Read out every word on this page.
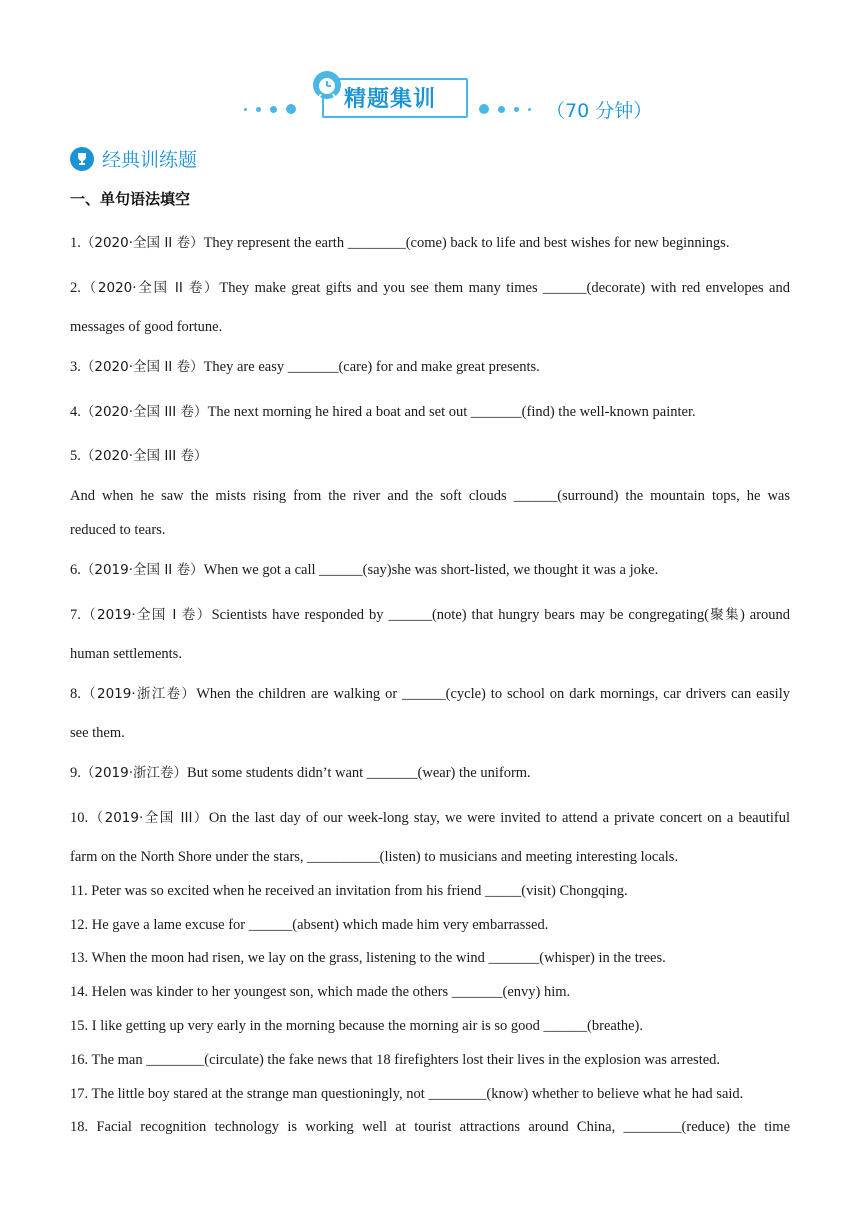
精题集训	（70 分钟）
经典训练题
一、单句语法填空
1.（2020·全国 II 卷）They represent the earth ________(come) back to life and best wishes for new beginnings.
2.（2020·全国 II 卷）They make great gifts and you see them many times ______(decorate) with red envelopes and
messages of good fortune.
3.（2020·全国 II 卷）They are easy _______(care) for and make great presents.
4.（2020·全国 III 卷）The next morning he hired a boat and set out _______(find) the well-known painter.
5.（2020·全国 III 卷）
And when he saw the mists rising from the river and the soft clouds ______(surround) the mountain tops, he was
reduced to tears.
6.（2019·全国 II 卷）When we got a call ______(say)she was short-listed, we thought it was a joke.
7.（2019·全国 I 卷）Scientists have responded by ______(note) that hungry bears may be congregating(聚集) around
human settlements.
8.（2019·浙江卷）When the children are walking or ______(cycle) to school on dark mornings, car drivers can easily
see them.
9.（2019·浙江卷）But some students didn’t want _______(wear) the uniform.
10.（2019·全国 III）On the last day of our week-long stay, we were invited to attend a private concert on a beautiful
farm on the North Shore under the stars, __________(listen) to musicians and meeting interesting locals.
11. Peter was so excited when he received an invitation from his friend _____(visit) Chongqing.
12. He gave a lame excuse for ______(absent) which made him very embarrassed.
13. When the moon had risen, we lay on the grass, listening to the wind _______(whisper) in the trees.
14. Helen was kinder to her youngest son, which made the others _______(envy) him.
15. I like getting up very early in the morning because the morning air is so good ______(breathe).
16. The man ________(circulate) the fake news that 18 firefighters lost their lives in the explosion was arrested.
17. The little boy stared at the strange man questioningly, not ________(know) whether to believe what he had said.
18. Facial recognition technology is working well at tourist attractions around China, ________(reduce) the time
